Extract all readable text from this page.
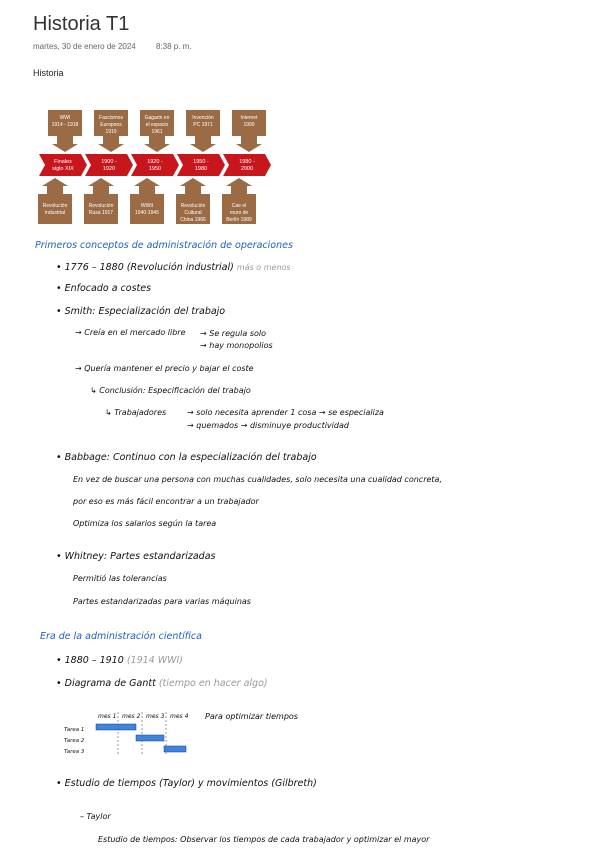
Historia T1
martes, 30 de enero de 2024	8:38 p. m.
Historia
WWI
1914 - 1918
Fascismos
Europeos
1919
Gagarin en
el espacio
1961
Invención
PC 1971
Internet
1990
Finales
siglo XIX
1900 -
1920
1920 -
1950
1950 -
1980
1980 -
2000
Revolución
industrial
Revolución
Rusa 1917
WWII
1940-1945
Revolución
Cultural
China 1966
Cae el
muro de
Berlín 1989
Primeros conceptos de administración de operaciones
• 1776 – 1880 (Revolución industrial) más o menos
• Enfocado a costes
• Smith: Especialización del trabajo
→ Creía en el mercado libre → Se regula solo
→ hay monopolios
→ Quería mantener el precio y bajar el coste
↳ Conclusión: Especificación del trabajo
↳ Trabajadores	→ solo necesita aprender 1 cosa → se especializa
→ quemados → disminuye productividad
• Babbage: Continuo con la especialización del trabajo
En vez de buscar una persona con muchas cualidades, solo necesita una cualidad concreta,
por eso es más fácil encontrar a un trabajador
Optimiza los salarios según la tarea
• Whitney: Partes estandarizadas
Permitió las tolerancias
Partes estandarizadas para varias máquinas
Era de la administración científica
• 1880 – 1910 (1914 WWI)
• Diagrama de Gantt (tiempo en hacer algo)
mes 1 mes 2 mes 3 mes 4
Tarea 1
Tarea 2
Tarea 3
Para optimizar tiempos
• Estudio de tiempos (Taylor) y movimientos (Gilbreth)
– Taylor
Estudio de tiempos: Observar los tiempos de cada trabajador y optimizar el mayor
